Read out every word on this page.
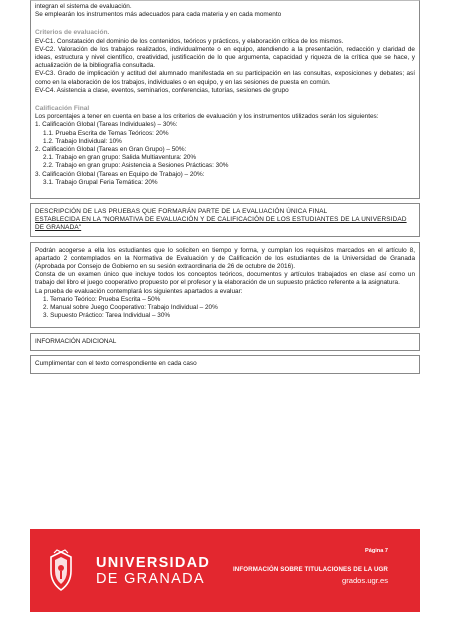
integran el sistema de evaluación.

Se emplearán los instrumentos más adecuados para cada materia y en cada momento

Criterios de evaluación.

EV-C1. Constatación del dominio de los contenidos, teóricos y prácticos, y elaboración crítica de los mismos.

EV-C2. Valoración de los trabajos realizados, individualmente o en equipo, atendiendo a la presentación, redacción y claridad de ideas, estructura y nivel científico, creatividad, justificación de lo que argumenta, capacidad y riqueza de la crítica que se hace, y actualización de la bibliografía consultada.

EV-C3. Grado de implicación y actitud del alumnado manifestada en su participación en las consultas, exposiciones y debates; así como en la elaboración de los trabajos, individuales o en equipo, y en las sesiones de puesta en común.

EV-C4. Asistencia a clase, eventos, seminarios, conferencias, tutorías, sesiones de grupo

Calificación Final

Los porcentajes a tener en cuenta en base a los criterios de evaluación y los instrumentos utilizados serán los siguientes:

1. Calificación Global (Tareas Individuales) – 30%:
1.1. Prueba Escrita de Temas Teóricos: 20%
1.2. Trabajo Individual: 10%
2. Calificación Global (Tareas en Gran Grupo) – 50%:
2.1. Trabajo en gran grupo: Salida Multiaventura: 20%
2.2. Trabajo en gran grupo: Asistencia a Sesiones Prácticas: 30%
3. Calificación Global (Tareas en Equipo de Trabajo) – 20%:
3.1. Trabajo Grupal Feria Temática: 20%
DESCRIPCIÓN DE LAS PRUEBAS QUE FORMARÁN PARTE DE LA EVALUACIÓN ÚNICA FINAL
ESTABLECIDA EN LA "NORMATIVA DE EVALUACIÓN Y DE CALIFICACIÓN DE LOS ESTUDIANTES DE LA UNIVERSIDAD DE GRANADA"

Podrán acogerse a ella los estudiantes que lo soliciten en tiempo y forma, y cumplan los requisitos marcados en el artículo 8, apartado 2 contemplados en la Normativa de Evaluación y de Calificación de los estudiantes de la Universidad de Granada (Aprobada por Consejo de Gobierno en su sesión extraordinaria de 26 de octubre de 2016).

Consta de un examen único que incluye todos los conceptos teóricos, documentos y artículos trabajados en clase así como un trabajo del libro el juego cooperativo propuesto por el profesor y la elaboración de un supuesto práctico referente a la asignatura.

La prueba de evaluación contemplará los siguientes apartados a evaluar:

1. Temario Teórico: Prueba Escrita – 50%
2. Manual sobre Juego Cooperativo: Trabajo Individual – 20%
3. Supuesto Práctico: Tarea Individual – 30%
INFORMACIÓN ADICIONAL
Cumplimentar con el texto correspondiente en cada caso
UNIVERSIDAD
DE GRANADA
Página 7
INFORMACIÓN SOBRE TITULACIONES DE LA UGR
grados.ugr.es
